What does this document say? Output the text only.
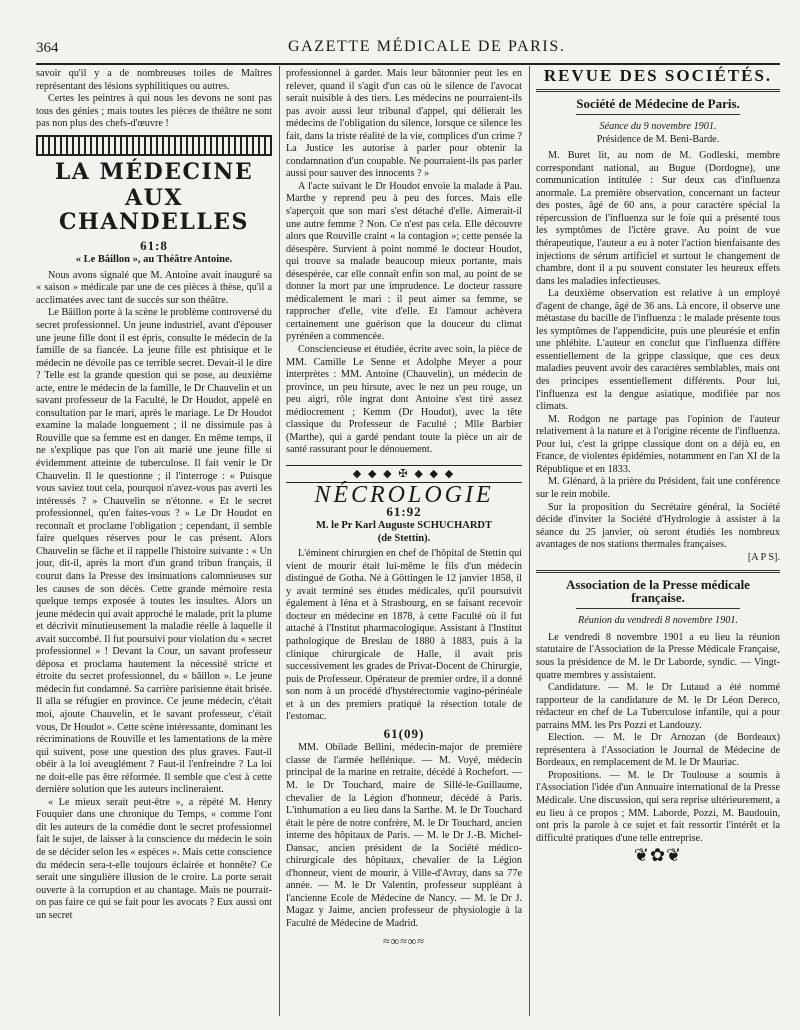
364	GAZETTE MÉDICALE DE PARIS.

savoir qu'il y a de nombreuses toiles de Maîtres représentant des lésions syphilitiques ou autres.

Certes les peintres à qui nous les devons ne sont pas tous des génies ; mais toutes les pièces de théâtre ne sont pas non plus des chefs-d'œuvre !

LA MÉDECINE
AUX CHANDELLES
61:8
« Le Bâillon », au Théâtre Antoine.

Nous avons signalé que M. Antoine avait inauguré sa « saison » médicale par une de ces pièces à thèse, qu'il a acclimatées avec tant de succès sur son théâtre.

Le Bâillon porte à la scène le problème controversé du secret professionnel. Un jeune industriel, avant d'épouser une jeune fille dont il est épris, consulte le médecin de la famille de sa fiancée. La jeune fille est phtisique et le médecin ne dévoile pas ce terrible secret. Devait-il le dire ? Telle est la grande question qui se pose, au deuxième acte, entre le médecin de la famille, le Dr Chauvelin et un savant professeur de la Faculté, le Dr Houdot, appelé en consultation par le mari, après le mariage. Le Dr Houdot examine la malade longuement ; il ne dissimule pas à Rouville que sa femme est en danger. En même temps, il ne s'explique pas que l'on ait marié une jeune fille si évidemment atteinte de tuberculose. Il fait venir le Dr Chauvelin. Il le questionne ; il l'interroge : « Puisque vous saviez tout cela, pourquoi n'avez-vous pas averti les intéressés ? » Chauvelin se n'étonne. « Et le secret professionnel, qu'en faites-vous ? » Le Dr Houdot en reconnaît et proclame l'obligation ; cependant, il semble faire quelques réserves pour le cas présent. Alors Chauvelin se fâche et il rappelle l'histoire suivante : « Un jour, dit-il, après la mort d'un grand tribun français, il courut dans la Presse des insinuations calomnieuses sur les causes de son décès. Cette grande mémoire resta quelque temps exposée à toutes les insultes. Alors un jeune médecin qui avait approché le malade, prit la plume et décrivit minutieusement la maladie réelle à laquelle il avait succombé. Il fut poursuivi pour violation du « secret professionnel » ! Devant la Cour, un savant professeur déposa et proclama hautement la nécessité stricte et étroite du secret professionnel, du « bâillon ». Le jeune médecin fut condamné. Sa carrière parisienne était brisée. Il alla se réfugier en province. Ce jeune médecin, c'était moi, ajoute Chauvelin, et le savant professeur, c'était vous, Dr Houdot ». Cette scène intéressante, dominant les récriminations de Rouville et les lamentations de la mère qui suivent, pose une question des plus graves. Faut-il obéir à la loi aveuglément ? Faut-il l'enfreindre ? La loi ne doit-elle pas être réformée. Il semble que c'est à cette dernière solution que les auteurs inclineraient.

« Le mieux serait peut-être », a répété M. Henry Fouquier dans une chronique du Temps, « comme l'ont dit les auteurs de la comédie dont le secret professionnel fait le sujet, de laisser à la conscience du médecin le soin de se décider selon les « espèces ». Mais cette conscience du médecin sera-t-elle toujours éclairée et honnête? Ce serait une singulière illusion de le croire. La porte serait ouverte à la corruption et au chantage. Mais ne pourrait-on pas faire ce qui se fait pour les avocats ? Eux aussi ont un secret

professionnel à garder. Mais leur bâtonnier peut les en relever, quand il s'agit d'un cas où le silence de l'avocat serait nuisible à des tiers. Les médecins ne pourraient-ils pas avoir aussi leur tribunal d'appel, qui délierait les médecins de l'obligation du silence, lorsque ce silence les fait, dans la triste réalité de la vie, complices d'un crime ? La Justice les autorise à parler pour obtenir la condamnation d'un coupable. Ne pourraient-ils pas parler aussi pour sauver des innocents ? »

A l'acte suivant le Dr Houdot envoie la malade à Pau. Marthe y reprend peu à peu des forces. Mais elle s'aperçoit que son mari s'est détaché d'elle. Aimerait-il une autre femme ? Non. Ce n'est pas cela. Elle découvre alors que Rouville craint « la contagion »; cette pensée la désespère. Survient à point nommé le docteur Houdot, qui trouve sa malade beaucoup mieux portante, mais désespérée, car elle connaît enfin son mal, au point de se donner la mort par une imprudence. Le docteur rassure médicalement le mari : il peut aimer sa femme, se rapprocher d'elle, vite d'elle. Et l'amour achèvera certainement une guérison que la douceur du climat pyrénéen a commencée.

Consciencieuse et étudiée, écrite avec soin, la pièce de MM. Camille Le Senne et Adolphe Meyer a pour interprètes : MM. Antoine (Chauvelin), un médecin de province, un peu hirsute, avec le nez un peu rouge, un peu aigri, rôle ingrat dont Antoine s'est tiré assez médiocrement ; Kemm (Dr Houdot), avec la tête classique du Professeur de Faculté ; Mlle Barbier (Marthe), qui a gardé pendant toute la pièce un air de santé rassurant pour le dénouement.

◆ ◆ ◆ ✠ ◆ ◆ ◆
NÉCROLOGIE
61:92
M. le Pr Karl Auguste SCHUCHARDT
(de Stettin).

L'éminent chirurgien en chef de l'hôpital de Stettin qui vient de mourir était lui-même le fils d'un médecin distingué de Gotha. Né à Göttingen le 12 janvier 1858, il y avait terminé ses études médicales, qu'il poursuivit également à Iéna et à Strasbourg, en se faisant recevoir docteur en médecine en 1878, à cette Faculté où il fut attaché à l'Institut pharmacologique. Assistant à l'Institut pathologique de Breslau de 1880 à 1883, puis à la clinique chirurgicale de Halle, il avait pris successivement les grades de Privat-Docent de Chirurgie, puis de Professeur. Opérateur de premier ordre, il a donné son nom à un procédé d'hystérectomie vagino-périnéale et à un des premiers pratiqué la résection totale de l'estomac.

61(09)

MM. Obilade Bellini, médecin-major de première classe de l'armée hellénique. — M. Voyé, médecin principal de la marine en retraite, décédé à Rochefort. — M. le Dr Touchard, maire de Sillé-le-Guillaume, chevalier de la Légion d'honneur, décédé à Paris. L'inhumation a eu lieu dans la Sarthe. M. le Dr Touchard était le père de notre confrère, M. le Dr Touchard, ancien interne des hôpitaux de Paris. — M. le Dr J.-B. Michel-Dansac, ancien président de la Société médico-chirurgicale des hôpitaux, chevalier de la Légion d'honneur, vient de mourir, à Ville-d'Avray, dans sa 77e année. — M. le Dr Valentin, professeur suppléant à l'ancienne Ecole de Médecine de Nancy. — M. le Dr J. Magaz y Jaime, ancien professeur de physiologie à la Faculté de Médecine de Madrid.

≈∞≈∞≈
REVUE DES SOCIÉTÉS.
Société de Médecine de Paris.
Séance du 9 novembre 1901.
Présidence de M. Beni-Barde.

M. Buret lit, au nom de M. Godleski, membre correspondant national, au Bugue (Dordogne), une communication intitulée : Sur deux cas d'influenza anormale. La première observation, concernant un facteur des postes, âgé de 60 ans, a pour caractère spécial la répercussion de l'influenza sur le foie qui a présenté tous les symptômes de l'ictère grave. Au point de vue thérapeutique, l'auteur a eu à noter l'action bienfaisante des injections de sérum artificiel et surtout le changement de chambre, dont il a pu souvent constater les heureux effets dans les maladies infectieuses.

La deuxième observation est relative à un employé d'agent de change, âgé de 36 ans. Là encore, il observe une métastase du bacille de l'influenza : le malade présente tous les symptômes de l'appendicite, puis une pleurésie et enfin une phlébite. L'auteur en conclut que l'influenza diffère essentiellement de la grippe classique, que ces deux maladies peuvent avoir des caractères semblables, mais ont des principes essentiellement différents. Pour lui, l'influenza est la dengue asiatique, modifiée par nos climats.

M. Rodgon ne partage pas l'opinion de l'auteur relativement à la nature et à l'origine récente de l'influenza. Pour lui, c'est la grippe classique dont on a déjà eu, en France, de violentes épidémies, notamment en l'an XI de la République et en 1833.

M. Glénard, à la prière du Président, fait une conférence sur le rein mobile.

Sur la proposition du Secrétaire général, la Société décide d'inviter la Société d'Hydrologie à assister à la séance du 25 janvier, où seront étudiés les nombreux avantages de nos stations thermales françaises.

[A P S].
Association de la Presse médicale
française.
Réunion du vendredi 8 novembre 1901.

Le vendredi 8 novembre 1901 a eu lieu la réunion statutaire de l'Association de la Presse Médicale Française, sous la présidence de M. le Dr Laborde, syndic. — Vingt-quatre membres y assistaient.

Candidature. — M. le Dr Lutaud a été nommé rapporteur de la candidature de M. le Dr Léon Dereco, rédacteur en chef de La Tuberculose infantile, qui a pour parrains MM. les Prs Pozzi et Landouzy.

Election. — M. le Dr Arnozan (de Bordeaux) représentera à l'Association le Journal de Médecine de Bordeaux, en remplacement de M. le Dr Mauriac.

Propositions. — M. le Dr Toulouse a soumis à l'Association l'idée d'un Annuaire international de la Presse Médicale. Une discussion, qui sera reprise ultérieurement, a eu lieu à ce propos ; MM. Laborde, Pozzi, M. Baudouin, ont pris la parole à ce sujet et fait ressortir l'intérêt et la difficulté pratiques d'une telle entreprise.

❦✿❦
